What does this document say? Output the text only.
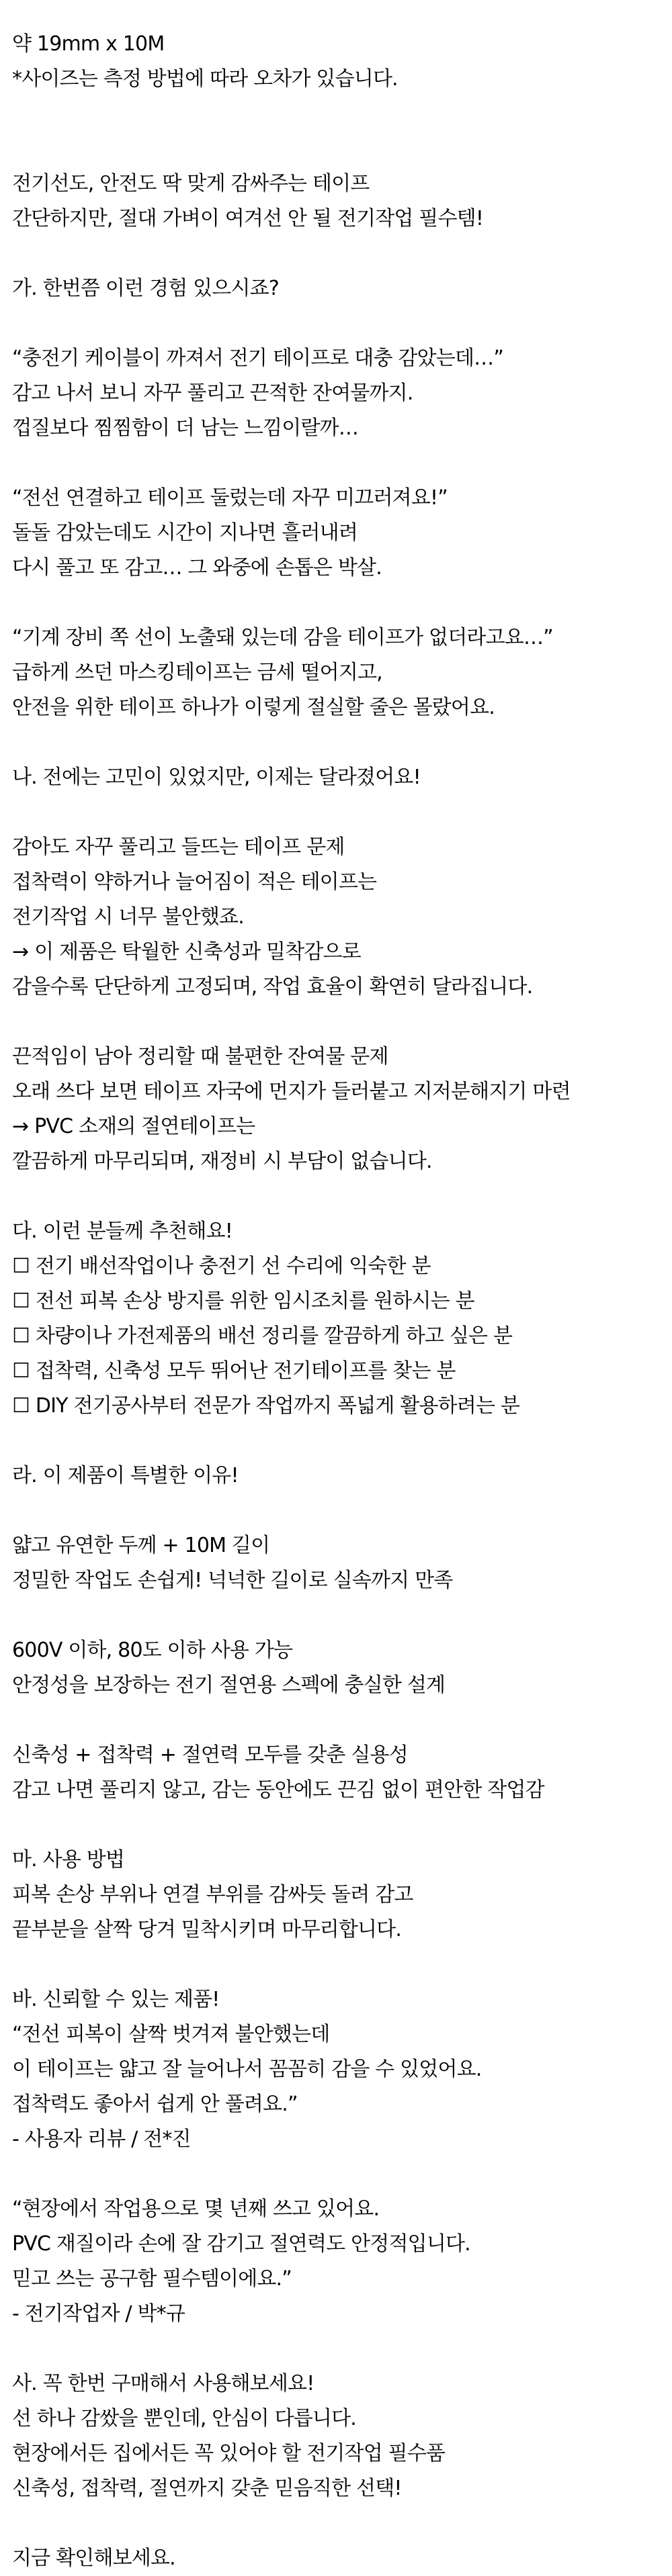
약 19mm x 10M
*사이즈는 측정 방법에 따라 오차가 있습니다.
전기선도, 안전도 딱 맞게 감싸주는 테이프
간단하지만, 절대 가벼이 여겨선 안 될 전기작업 필수템!
가. 한번쯤 이런 경험 있으시죠?
“충전기 케이블이 까져서 전기 테이프로 대충 감았는데…”
감고 나서 보니 자꾸 풀리고 끈적한 잔여물까지.
껍질보다 찜찜함이 더 남는 느낌이랄까…
“전선 연결하고 테이프 둘렀는데 자꾸 미끄러져요!”
돌돌 감았는데도 시간이 지나면 흘러내려
다시 풀고 또 감고… 그 와중에 손톱은 박살.
“기계 장비 쪽 선이 노출돼 있는데 감을 테이프가 없더라고요…”
급하게 쓰던 마스킹테이프는 금세 떨어지고,
안전을 위한 테이프 하나가 이렇게 절실할 줄은 몰랐어요.
나. 전에는 고민이 있었지만, 이제는 달라졌어요!
감아도 자꾸 풀리고 들뜨는 테이프 문제
접착력이 약하거나 늘어짐이 적은 테이프는
전기작업 시 너무 불안했죠.
→ 이 제품은 탁월한 신축성과 밀착감으로
감을수록 단단하게 고정되며, 작업 효율이 확연히 달라집니다.
끈적임이 남아 정리할 때 불편한 잔여물 문제
오래 쓰다 보면 테이프 자국에 먼지가 들러붙고 지저분해지기 마련
→ PVC 소재의 절연테이프는
깔끔하게 마무리되며, 재정비 시 부담이 없습니다.
다. 이런 분들께 추천해요!
☐ 전기 배선작업이나 충전기 선 수리에 익숙한 분
☐ 전선 피복 손상 방지를 위한 임시조치를 원하시는 분
☐ 차량이나 가전제품의 배선 정리를 깔끔하게 하고 싶은 분
☐ 접착력, 신축성 모두 뛰어난 전기테이프를 찾는 분
☐ DIY 전기공사부터 전문가 작업까지 폭넓게 활용하려는 분
라. 이 제품이 특별한 이유!
얇고 유연한 두께 + 10M 길이
정밀한 작업도 손쉽게! 넉넉한 길이로 실속까지 만족
600V 이하, 80도 이하 사용 가능
안정성을 보장하는 전기 절연용 스펙에 충실한 설계
신축성 + 접착력 + 절연력 모두를 갖춘 실용성
감고 나면 풀리지 않고, 감는 동안에도 끈김 없이 편안한 작업감
마. 사용 방법
피복 손상 부위나 연결 부위를 감싸듯 돌려 감고
끝부분을 살짝 당겨 밀착시키며 마무리합니다.
바. 신뢰할 수 있는 제품!
“전선 피복이 살짝 벗겨져 불안했는데
이 테이프는 얇고 잘 늘어나서 꼼꼼히 감을 수 있었어요.
접착력도 좋아서 쉽게 안 풀려요.”
- 사용자 리뷰 / 전*진
“현장에서 작업용으로 몇 년째 쓰고 있어요.
PVC 재질이라 손에 잘 감기고 절연력도 안정적입니다.
믿고 쓰는 공구함 필수템이에요.”
- 전기작업자 / 박*규
사. 꼭 한번 구매해서 사용해보세요!
선 하나 감쌌을 뿐인데, 안심이 다릅니다.
현장에서든 집에서든 꼭 있어야 할 전기작업 필수품
신축성, 접착력, 절연까지 갖춘 믿음직한 선택!
지금 확인해보세요.
